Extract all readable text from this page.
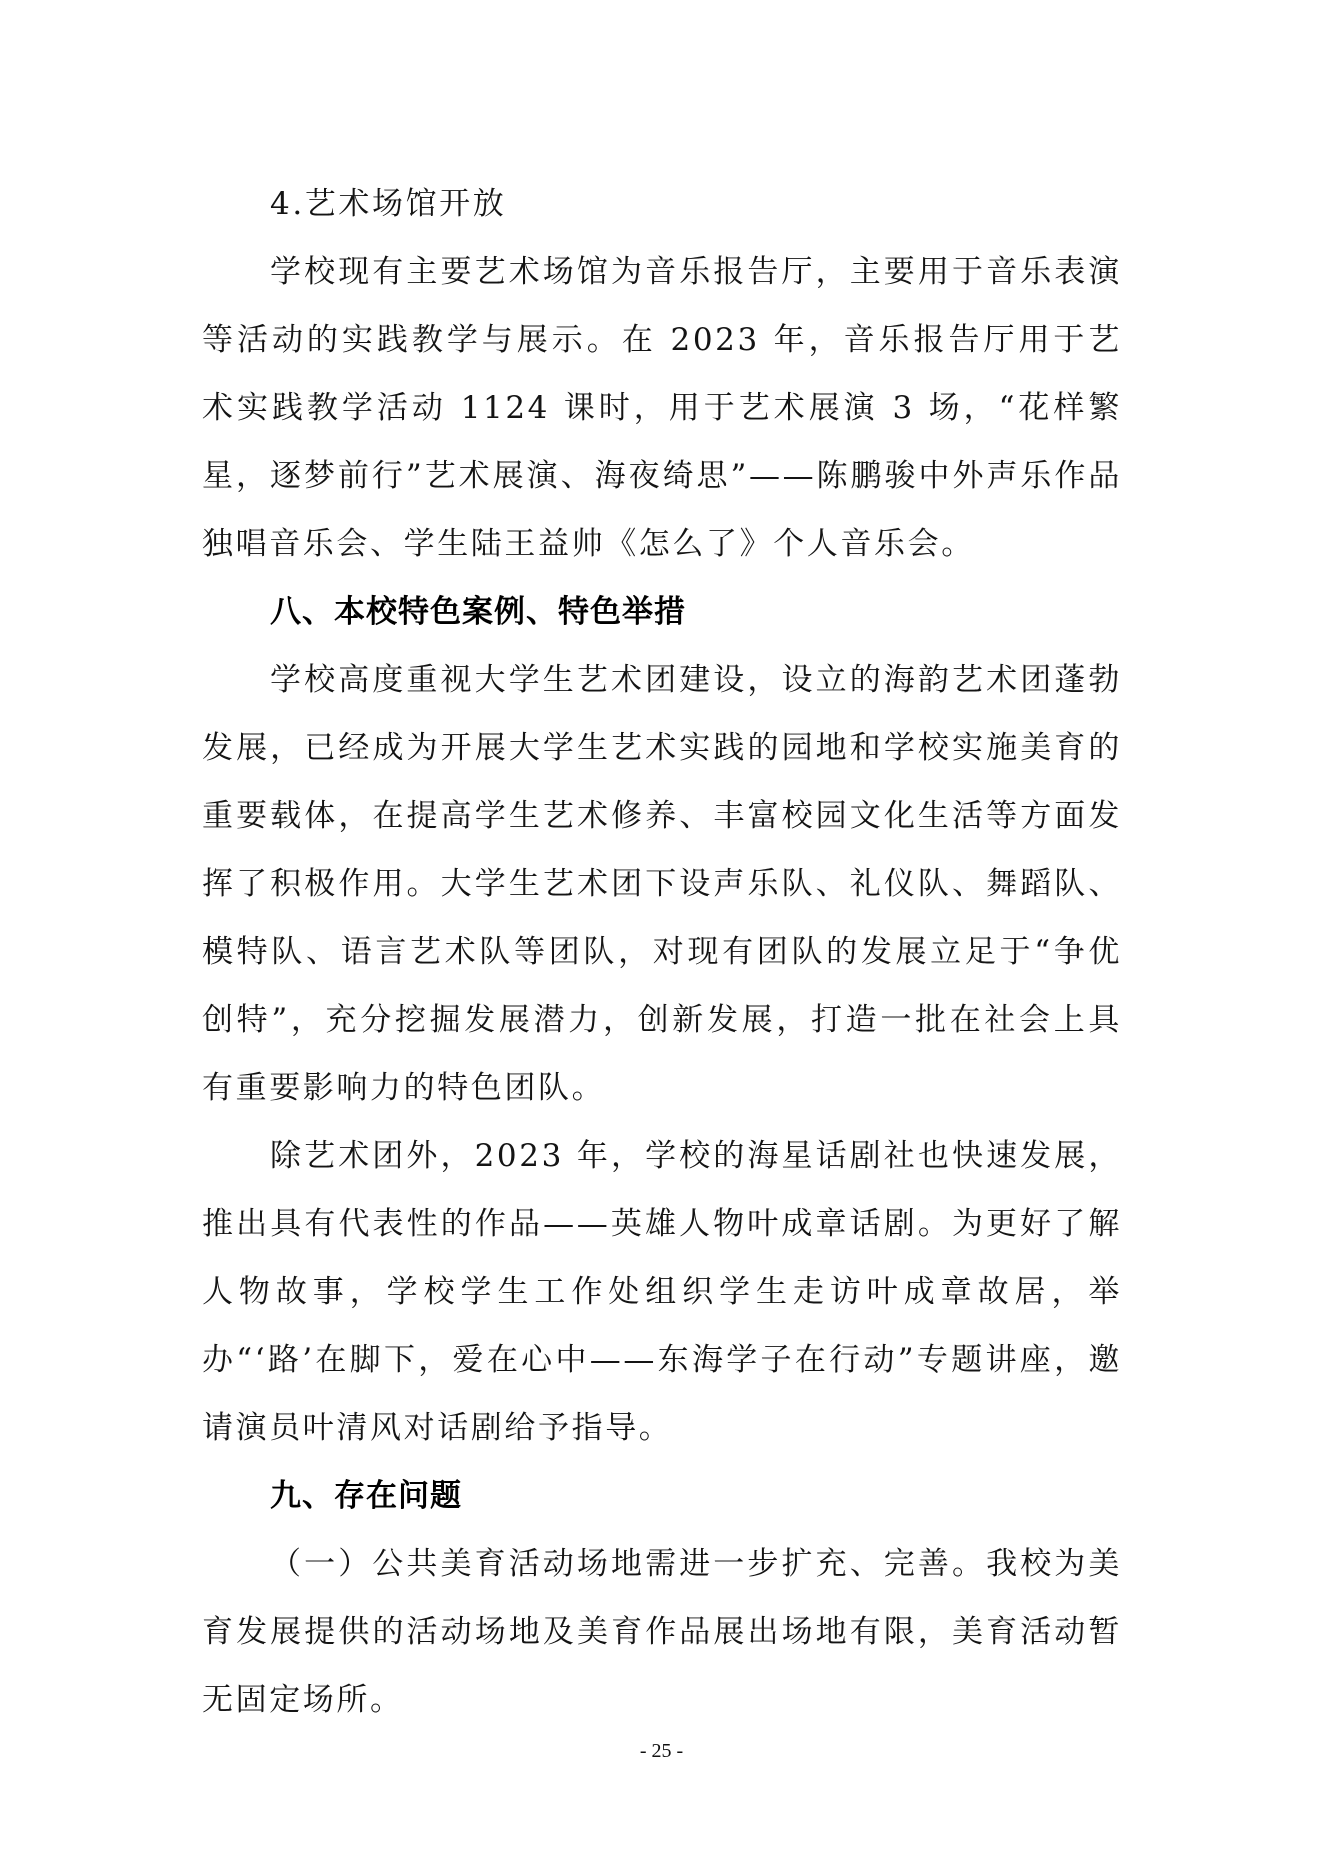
4.艺术场馆开放

学校现有主要艺术场馆为音乐报告厅，主要用于音乐表演等活动的实践教学与展示。在 2023 年，音乐报告厅用于艺术实践教学活动 1124 课时，用于艺术展演 3 场，“花样繁星，逐梦前行”艺术展演、海夜绮思”——陈鹏骏中外声乐作品独唱音乐会、学生陆王益帅《怎么了》个人音乐会。

八、本校特色案例、特色举措

学校高度重视大学生艺术团建设，设立的海韵艺术团蓬勃发展，已经成为开展大学生艺术实践的园地和学校实施美育的重要载体，在提高学生艺术修养、丰富校园文化生活等方面发挥了积极作用。大学生艺术团下设声乐队、礼仪队、舞蹈队、模特队、语言艺术队等团队，对现有团队的发展立足于“争优创特”，充分挖掘发展潜力，创新发展，打造一批在社会上具有重要影响力的特色团队。

除艺术团外，2023 年，学校的海星话剧社也快速发展，推出具有代表性的作品——英雄人物叶成章话剧。为更好了解人物故事，学校学生工作处组织学生走访叶成章故居，举办“‘路’在脚下，爱在心中——东海学子在行动”专题讲座，邀请演员叶清风对话剧给予指导。

九、存在问题

（一）公共美育活动场地需进一步扩充、完善。我校为美育发展提供的活动场地及美育作品展出场地有限，美育活动暂无固定场所。

- 25 -
